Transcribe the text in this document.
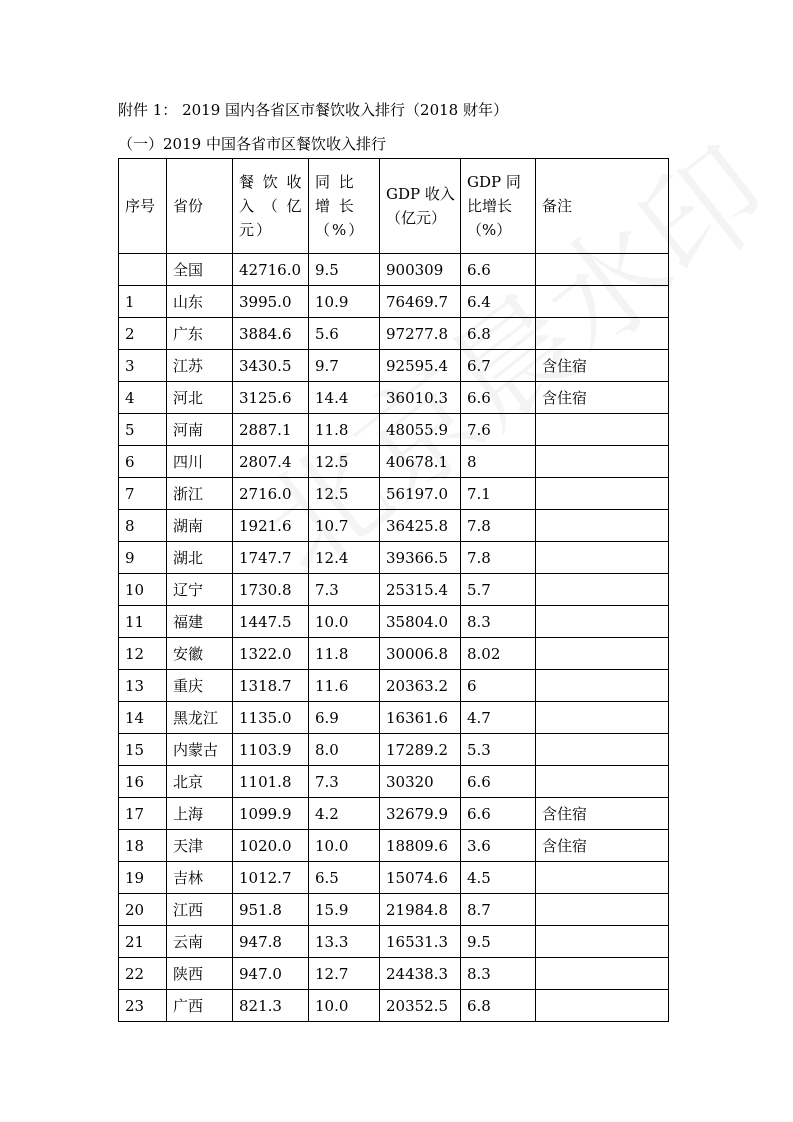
附件 1： 2019 国内各省区市餐饮收入排行（2018 财年）
（一）2019 中国各省市区餐饮收入排行
序号	省份	餐 饮 收 入 （ 亿 元）	同 比 增 长（%）	GDP 收入（亿元）	GDP 同比增长（%）	备注
	全国	42716.0	9.5	900309	6.6	
1	山东	3995.0	10.9	76469.7	6.4	
2	广东	3884.6	5.6	97277.8	6.8	
3	江苏	3430.5	9.7	92595.4	6.7	含住宿
4	河北	3125.6	14.4	36010.3	6.6	含住宿
5	河南	2887.1	11.8	48055.9	7.6	
6	四川	2807.4	12.5	40678.1	8	
7	浙江	2716.0	12.5	56197.0	7.1	
8	湖南	1921.6	10.7	36425.8	7.8	
9	湖北	1747.7	12.4	39366.5	7.8	
10	辽宁	1730.8	7.3	25315.4	5.7	
11	福建	1447.5	10.0	35804.0	8.3	
12	安徽	1322.0	11.8	30006.8	8.02	
13	重庆	1318.7	11.6	20363.2	6	
14	黑龙江	1135.0	6.9	16361.6	4.7	
15	内蒙古	1103.9	8.0	17289.2	5.3	
16	北京	1101.8	7.3	30320	6.6	
17	上海	1099.9	4.2	32679.9	6.6	含住宿
18	天津	1020.0	10.0	18809.6	3.6	含住宿
19	吉林	1012.7	6.5	15074.6	4.5	
20	江西	951.8	15.9	21984.8	8.7	
21	云南	947.8	13.3	16531.3	9.5	
22	陕西	947.0	12.7	24438.3	8.3	
23	广西	821.3	10.0	20352.5	6.8	
